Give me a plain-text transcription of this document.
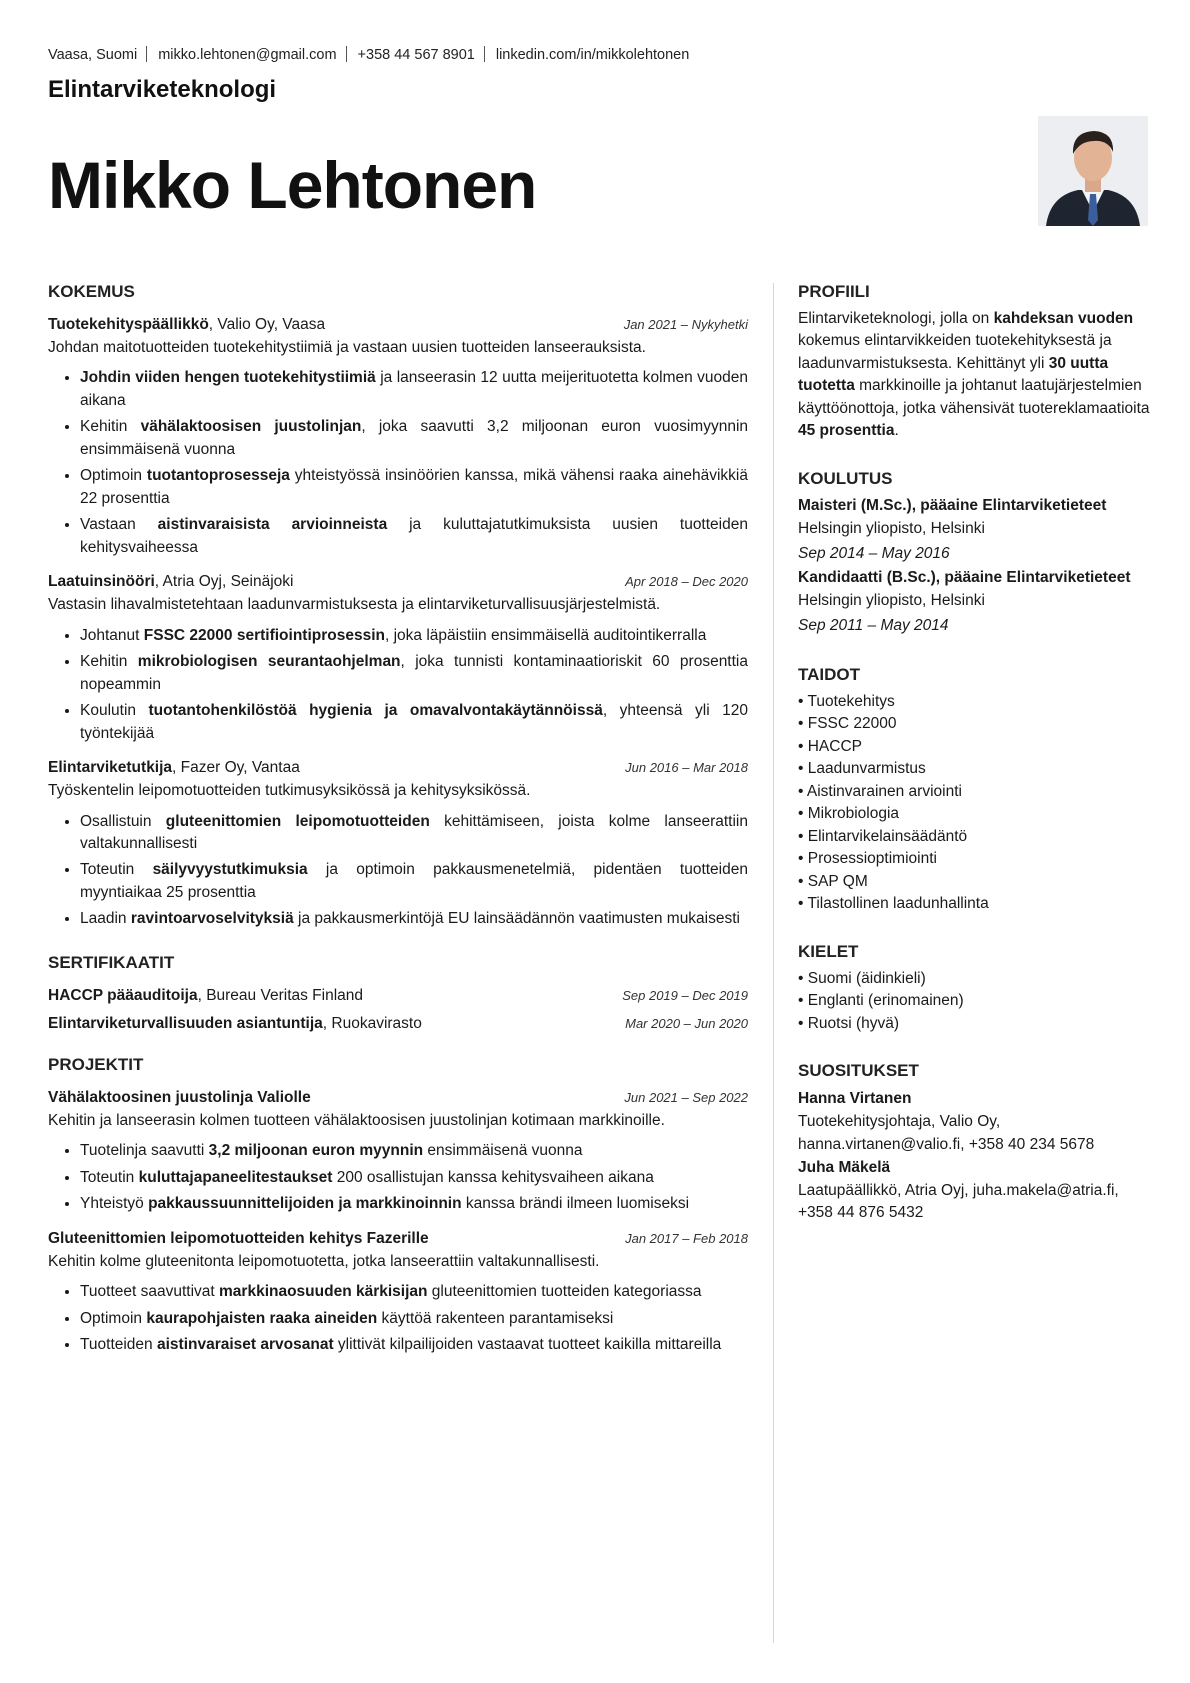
Vaasa, Suomi mikko.lehtonen@gmail.com +358 44 567 8901 linkedin.com/in/mikkolehtonen
Elintarviketeknologi
Mikko Lehtonen
KOKEMUS
Tuotekehityspäällikkö, Valio Oy, Vaasa	Jan 2021 – Nykyhetki
Johdan maitotuotteiden tuotekehitystiimiä ja vastaan uusien tuotteiden lanseerauksista.
• Johdin viiden hengen tuotekehitystiimiä ja lanseerasin 12 uutta meijerituotetta kolmen vuoden aikana
• Kehitin vähälaktoosisen juustolinjan, joka saavutti 3,2 miljoonan euron vuosimyynnin ensimmäisenä vuonna
• Optimoin tuotantoprosesseja yhteistyössä insinöörien kanssa, mikä vähensi raaka ainehävikkiä 22 prosenttia
• Vastaan aistinvaraisista arvioinneista ja kuluttajatutkimuksista uusien tuotteiden kehitysvaiheessa
Laatuinsinööri, Atria Oyj, Seinäjoki	Apr 2018 – Dec 2020
Vastasin lihavalmistetehtaan laadunvarmistuksesta ja elintarviketurvallisuusjärjestelmistä.
• Johtanut FSSC 22000 sertifiointiprosessin, joka läpäistiin ensimmäisellä auditointikerralla
• Kehitin mikrobiologisen seurantaohjelman, joka tunnisti kontaminaatioriskit 60 prosenttia nopeammin
• Koulutin tuotantohenkilöstöä hygienia ja omavalvontakäytännöissä, yhteensä yli 120 työntekijää
Elintarviketutkija, Fazer Oy, Vantaa	Jun 2016 – Mar 2018
Työskentelin leipomotuotteiden tutkimusyksikössä ja kehitysyksikössä.
• Osallistuin gluteenittomien leipomotuotteiden kehittämiseen, joista kolme lanseerattiin valtakunnallisesti
• Toteutin säilyvyystutkimuksia ja optimoin pakkausmenetelmiä, pidentäen tuotteiden myyntiaikaa 25 prosenttia
• Laadin ravintoarvoselvityksiä ja pakkausmerkintöjä EU lainsäädännön vaatimusten mukaisesti
SERTIFIKAATIT
HACCP pääauditoija, Bureau Veritas Finland	Sep 2019 – Dec 2019
Elintarviketurvallisuuden asiantuntija, Ruokavirasto	Mar 2020 – Jun 2020
PROJEKTIT
Vähälaktoosinen juustolinja Valiolle	Jun 2021 – Sep 2022
Kehitin ja lanseerasin kolmen tuotteen vähälaktoosisen juustolinjan kotimaan markkinoille.
• Tuotelinja saavutti 3,2 miljoonan euron myynnin ensimmäisenä vuonna
• Toteutin kuluttajapaneelitestaukset 200 osallistujan kanssa kehitysvaiheen aikana
• Yhteistyö pakkaussuunnittelijoiden ja markkinoinnin kanssa brändi ilmeen luomiseksi
Gluteenittomien leipomotuotteiden kehitys Fazerille	Jan 2017 – Feb 2018
Kehitin kolme gluteenitonta leipomotuotetta, jotka lanseerattiin valtakunnallisesti.
• Tuotteet saavuttivat markkinaosuuden kärkisijan gluteenittomien tuotteiden kategoriassa
• Optimoin kaurapohjaisten raaka aineiden käyttöä rakenteen parantamiseksi
• Tuotteiden aistinvaraiset arvosanat ylittivät kilpailijoiden vastaavat tuotteet kaikilla mittareilla
PROFIILI
Elintarviketeknologi, jolla on kahdeksan vuoden kokemus elintarvikkeiden tuotekehityksestä ja laadunvarmistuksesta. Kehittänyt yli 30 uutta tuotetta markkinoille ja johtanut laatujärjestelmien käyttöönottoja, jotka vähensivät tuotereklamaatioita 45 prosenttia.
KOULUTUS
Maisteri (M.Sc.), pääaine Elintarviketieteet
Helsingin yliopisto, Helsinki
Sep 2014 – May 2016
Kandidaatti (B.Sc.), pääaine Elintarviketieteet
Helsingin yliopisto, Helsinki
Sep 2011 – May 2014
TAIDOT
• Tuotekehitys
• FSSC 22000
• HACCP
• Laadunvarmistus
• Aistinvarainen arviointi
• Mikrobiologia
• Elintarvikelainsäädäntö
• Prosessioptimiointi
• SAP QM
• Tilastollinen laadunhallinta
KIELET
• Suomi (äidinkieli)
• Englanti (erinomainen)
• Ruotsi (hyvä)
SUOSITUKSET
Hanna Virtanen
Tuotekehitysjohtaja, Valio Oy, hanna.virtanen@valio.fi, +358 40 234 5678
Juha Mäkelä
Laatupäällikkö, Atria Oyj, juha.makela@atria.fi, +358 44 876 5432
